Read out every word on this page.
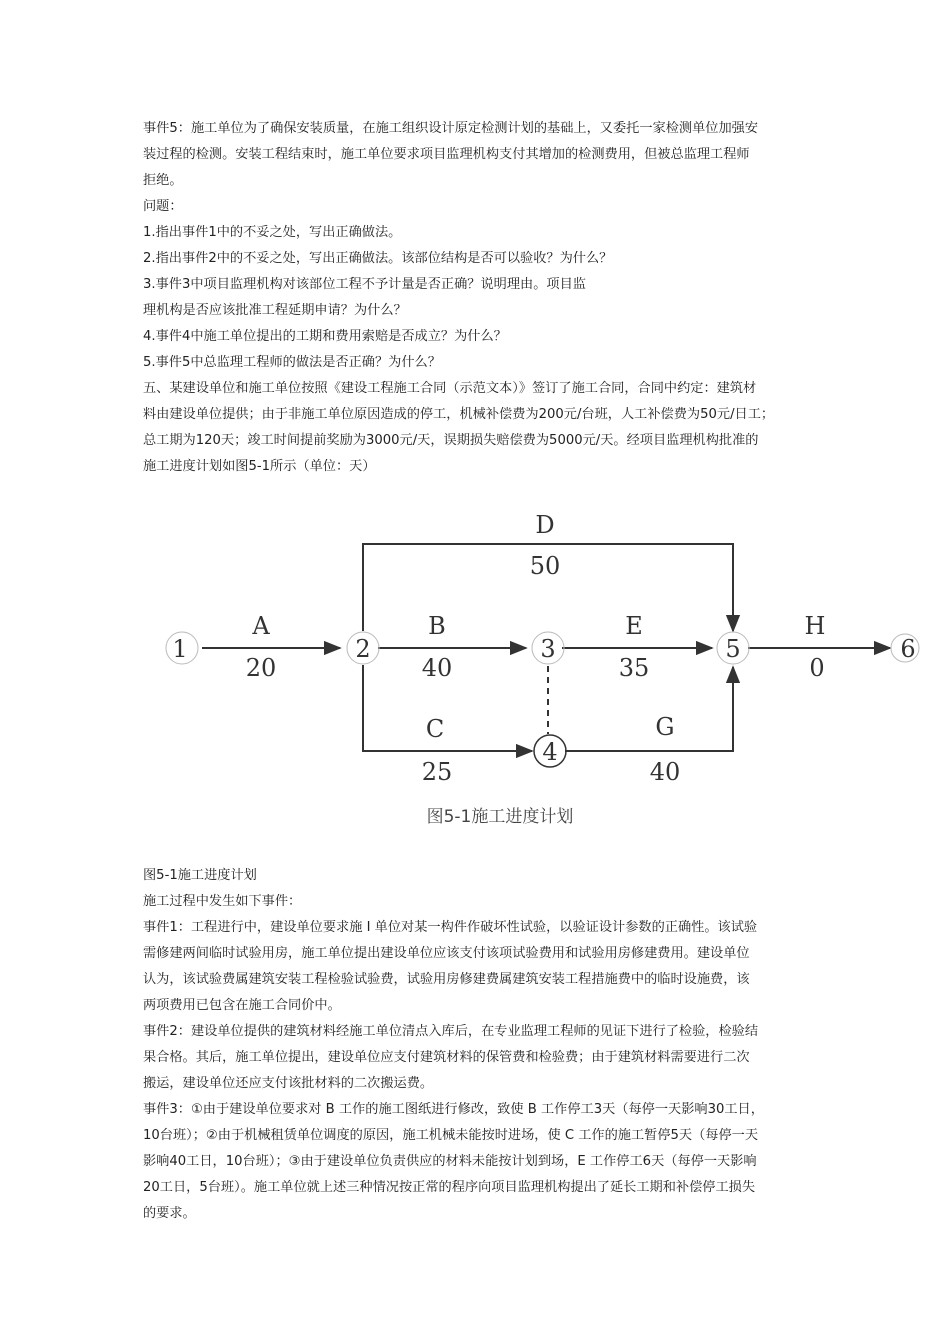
事件5：施工单位为了确保安装质量，在施工组织设计原定检测计划的基础上，又委托一家检测单位加强安

装过程的检测。安装工程结束时，施工单位要求项目监理机构支付其增加的检测费用，但被总监理工程师

拒绝。

问题：

1.指出事件1中的不妥之处，写出正确做法。

2.指出事件2中的不妥之处，写出正确做法。该部位结构是否可以验收？为什么？

3.事件3中项目监理机构对该部位工程不予计量是否正确？说明理由。项目监

理机构是否应该批准工程延期申请？为什么？

4.事件4中施工单位提出的工期和费用索赔是否成立？为什么？

5.事件5中总监理工程师的做法是否正确？为什么？

五、某建设单位和施工单位按照《建设工程施工合同（示范文本）》签订了施工合同，合同中约定：建筑材

料由建设单位提供；由于非施工单位原因造成的停工，机械补偿费为200元/台班，人工补偿费为50元/日工；

总工期为120天；竣工时间提前奖励为3000元/天，误期损失赔偿费为5000元/天。经项目监理机构批准的

施工进度计划如图5-1所示（单位：天）

1	2	3
4
5	6
A	B
C
D
E
G
H
20	40
25
50
35
40
0
图5-1施工进度计划

图5-1施工进度计划

施工过程中发生如下事件：

事件1：工程进行中，建设单位要求施 I 单位对某一构件作破坏性试验，以验证设计参数的正确性。该试验

需修建两间临时试验用房，施工单位提出建设单位应该支付该项试验费用和试验用房修建费用。建设单位

认为，该试验费属建筑安装工程检验试验费，试验用房修建费属建筑安装工程措施费中的临时设施费，该

两项费用已包含在施工合同价中。

事件2：建设单位提供的建筑材料经施工单位清点入库后，在专业监理工程师的见证下进行了检验，检验结

果合格。其后，施工单位提出，建设单位应支付建筑材料的保管费和检验费；由于建筑材料需要进行二次

搬运，建设单位还应支付该批材料的二次搬运费。

事件3：①由于建设单位要求对 B 工作的施工图纸进行修改，致使 B 工作停工3天（每停一天影响30工日，

10台班）；②由于机械租赁单位调度的原因，施工机械未能按时进场，使 C 工作的施工暂停5天（每停一天

影响40工日，10台班）；③由于建设单位负责供应的材料未能按计划到场，E 工作停工6天（每停一天影响

20工日，5台班）。施工单位就上述三种情况按正常的程序向项目监理机构提出了延长工期和补偿停工损失

的要求。
